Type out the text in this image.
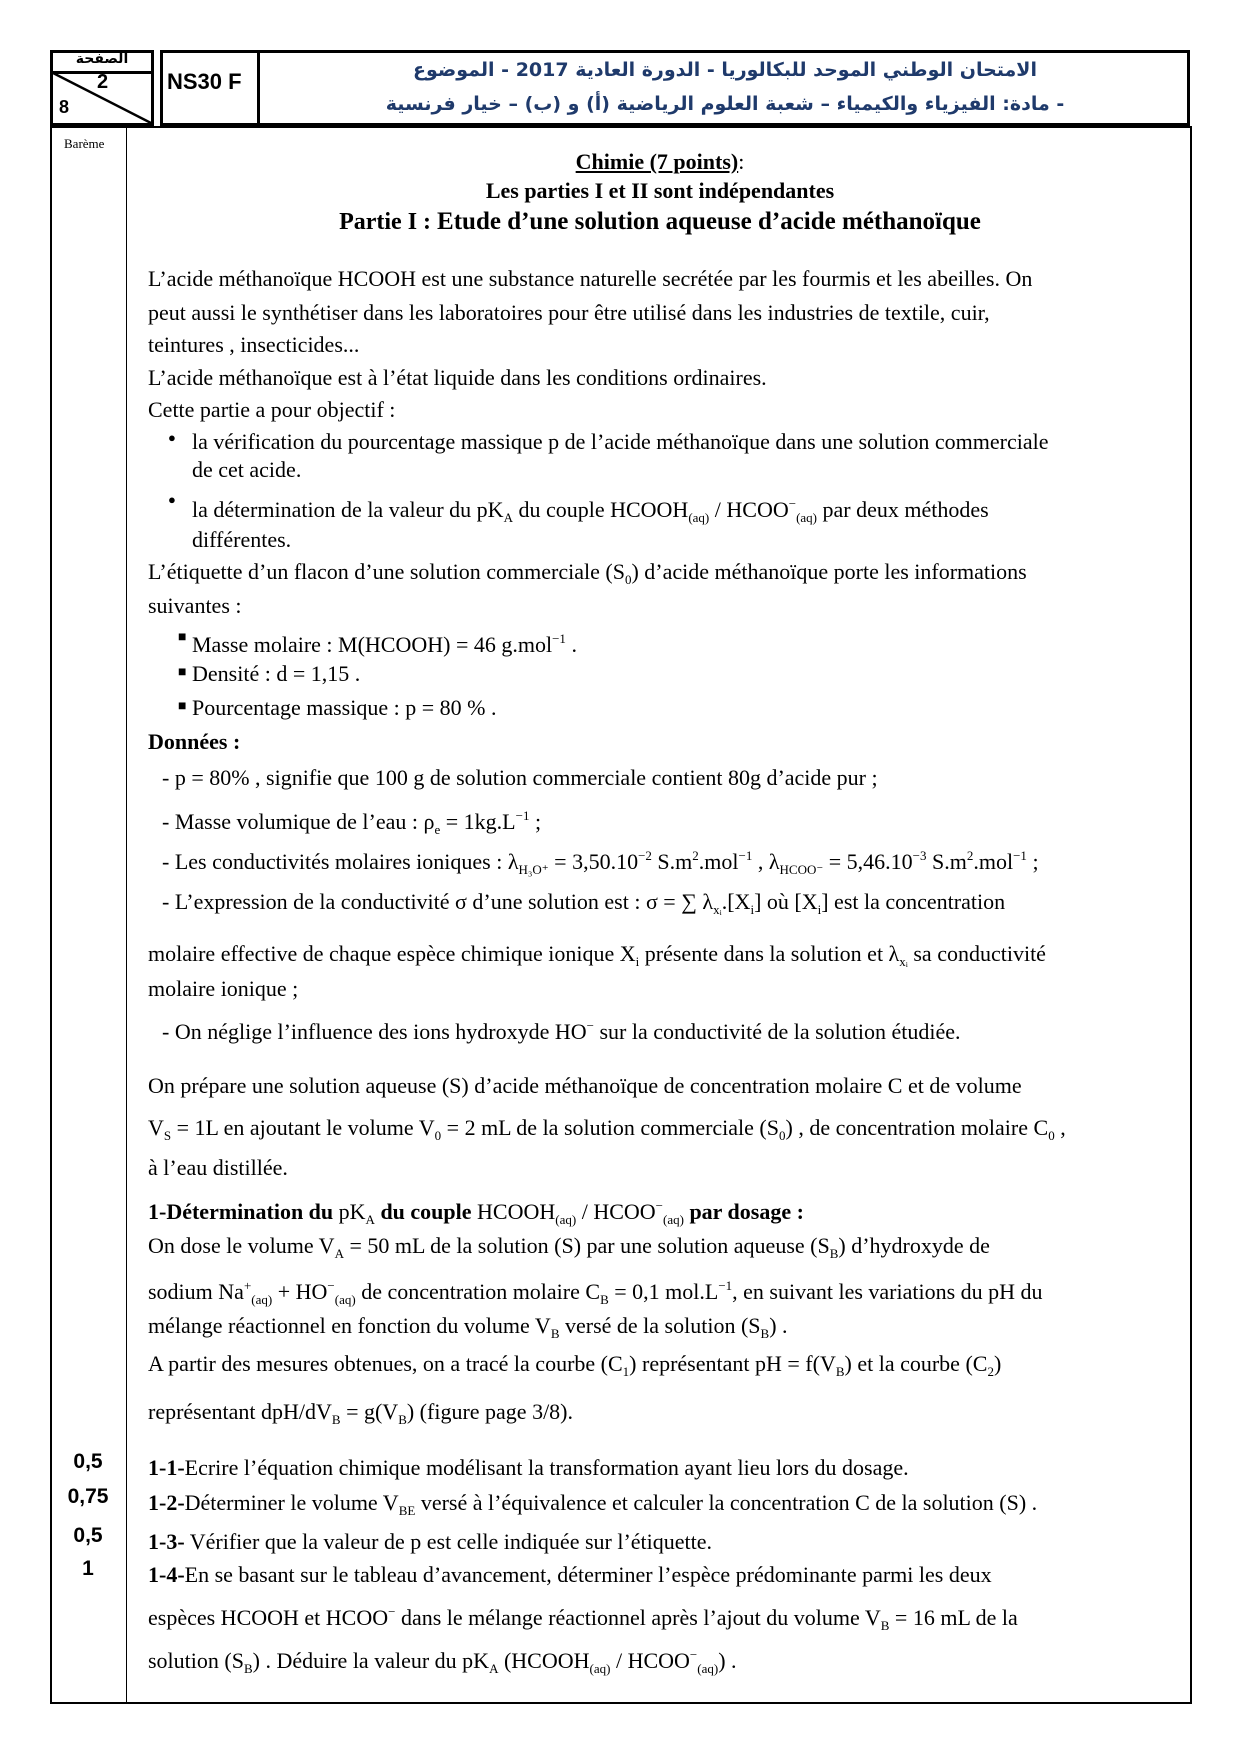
الصفحة
2
8
NS30 F	الامتحان الوطني الموحد للبكالوريا - الدورة العادية 2017 - الموضوع
- مادة: الفيزياء والكيمياء – شعبة العلوم الرياضية (أ) و (ب) – خيار فرنسية
Barème
Chimie (7 points):
Les parties I et II sont indépendantes
Partie I : Etude d’une solution aqueuse d’acide méthanoïque
L’acide méthanoïque HCOOH est une substance naturelle secrétée par les fourmis et les abeilles. On
peut aussi le synthétiser dans les laboratoires pour être utilisé dans les industries de textile, cuir,
teintures , insecticides...
L’acide méthanoïque est à l’état liquide dans les conditions ordinaires.
Cette partie a pour objectif :
la vérification du pourcentage massique p de l’acide méthanoïque dans une solution commerciale
●
de cet acide.
la détermination de la valeur du $pK_A$ du couple $HCOOH_{(aq)}$ / $HCOO^-_{(aq)}$ par deux méthodes
●
différentes.
L’étiquette d’un flacon d’une solution commerciale $(S_0)$ d’acide méthanoïque porte les informations
suivantes :
Masse molaire : M(HCOOH) = 46 g.mol$^{-1}$ .
■
Densité : d = 1,15 .
■
Pourcentage massique : p = 80 % .
■
Données :
- p = 80% , signifie que 100 g de solution commerciale contient 80g d’acide pur ;
- Masse volumique de l’eau : $\rho_e = 1kg.L^{-1}$ ;
- Les conductivités molaires ioniques : $\lambda_{H_3O^+} = 3,50.10^{-2}$ $S.m^2.mol^{-1}$ , $\lambda_{HCOO^-} = 5,46.10^{-3}$ $S.m^2.mol^{-1}$ ;
- L’expression de la conductivité σ d’une solution est : σ = ∑ $\lambda_{xᵢ}.[X_i]$ où $[X_i]$ est la concentration
molaire effective de chaque espèce chimique ionique $X_i$ présente dans la solution et $\lambda_{xᵢ}$ sa conductivité
molaire ionique ;
- On néglige l’influence des ions hydroxyde HO− sur la conductivité de la solution étudiée.
On prépare une solution aqueuse (S) d’acide méthanoïque de concentration molaire C et de volume
$V_S = 1L$ en ajoutant le volume $V_0 = 2$ mL de la solution commerciale $(S_0)$ , de concentration molaire $C_0$ ,
à l’eau distillée.
1-Détermination du $pK_A$ du couple $HCOOH_{(aq)}$ / $HCOO^-_{(aq)}$ par dosage :
On dose le volume $V_A = 50$ mL de la solution (S) par une solution aqueuse $(S_B)$ d’hydroxyde de
sodium $Na^+_{(aq)} + HO^-_{(aq)}$ de concentration molaire $C_B = 0,1$ $mol.L^{-1}$, en suivant les variations du pH du
mélange réactionnel en fonction du volume $V_B$ versé de la solution $(S_B)$ .
A partir des mesures obtenues, on a tracé la courbe $(C_1)$ représentant pH = $f(V_B)$ et la courbe $(C_2)$
représentant dpH/$dV_B = g(V_B)$ (figure page 3/8).
1-1-Ecrire l’équation chimique modélisant la transformation ayant lieu lors du dosage.
1-2-Déterminer le volume $V_{BE}$ versé à l’équivalence et calculer la concentration C de la solution (S) .
1-3- Vérifier que la valeur de p est celle indiquée sur l’étiquette.
1-4-En se basant sur le tableau d’avancement, déterminer l’espèce prédominante parmi les deux
espèces HCOOH et HCOO− dans le mélange réactionnel après l’ajout du volume $V_B = 16$ mL de la
solution $(S_B)$ . Déduire la valeur du $pK_A$ ($HCOOH_{(aq)}$ / $HCOO^-_{(aq)}$) .
0,5
0,75
0,5
1
